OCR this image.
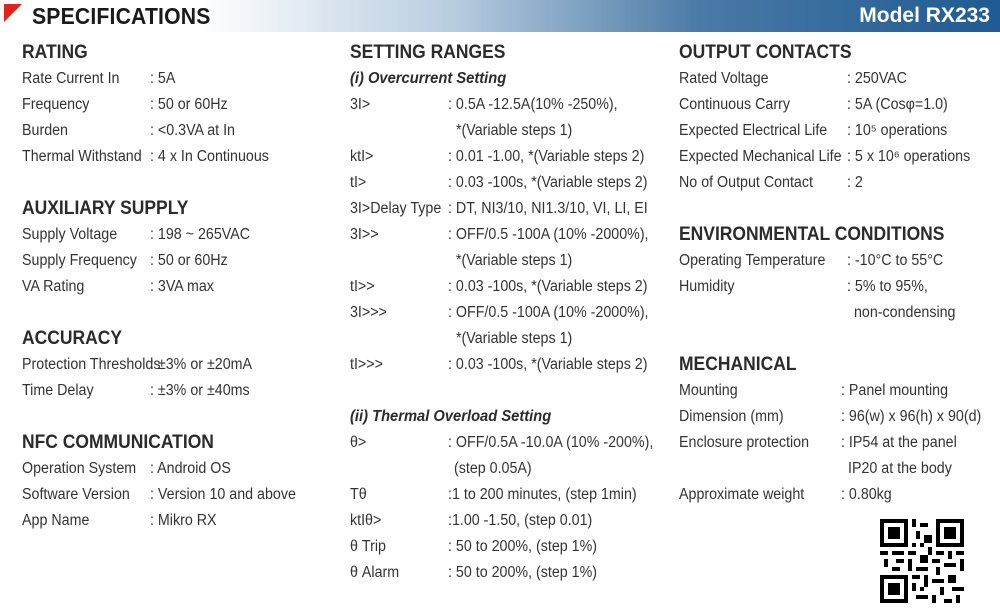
SPECIFICATIONS	Model RX233
RATING
Rate Current In : 5A
Frequency	: 50 or 60Hz
Burden	: <0.3VA at In
Thermal Withstand : 4 x In Continuous
AUXILIARY SUPPLY
Supply Voltage : 198 ~ 265VAC
Supply Frequency : 50 or 60Hz
VA Rating	: 3VA max
ACCURACY
Protection Thresholds
: ±3% or ±20mA
Time Delay	: ±3% or ±40ms
NFC COMMUNICATION
Operation System : Android OS
Software Version : Version 10 and above
App Name	: Mikro RX
SETTING RANGES
(i) Overcurrent Setting
3I>	: 0.5A -12.5A(10% -250%),
*(Variable steps 1)
ktI>	: 0.01 -1.00, *(Variable steps 2)
tI>	: 0.03 -100s, *(Variable steps 2)
3I>Delay Type : DT, NI3/10, NI1.3/10, VI, LI, EI
3I>>	: OFF/0.5 -100A (10% -2000%),
*(Variable steps 1)
tI>>	: 0.03 -100s, *(Variable steps 2)
3I>>>	: OFF/0.5 -100A (10% -2000%),
*(Variable steps 1)
tI>>>	: 0.03 -100s, *(Variable steps 2)
(ii) Thermal Overload Setting
θ>	: OFF/0.5A -10.0A (10% -200%),
(step 0.05A)
Tθ	:1 to 200 minutes, (step 1min)
ktIθ>	:1.00 -1.50, (step 0.01)
θ Trip	: 50 to 200%, (step 1%)
θ Alarm	: 50 to 200%, (step 1%)
OUTPUT CONTACTS
Rated Voltage	: 250VAC
Continuous Carry	: 5A (Cosφ=1.0)
Expected Electrical Life : 10⁵ operations
Expected Mechanical Life : 5 x 10⁶ operations
No of Output Contact : 2
ENVIRONMENTAL CONDITIONS
Operating Temperature : -10°C to 55°C
Humidity	: 5% to 95%,
non-condensing
MECHANICAL
Mounting	: Panel mounting
Dimension (mm)	: 96(w) x 96(h) x 90(d)
Enclosure protection : IP54 at the panel
IP20 at the body
Approximate weight : 0.80kg
